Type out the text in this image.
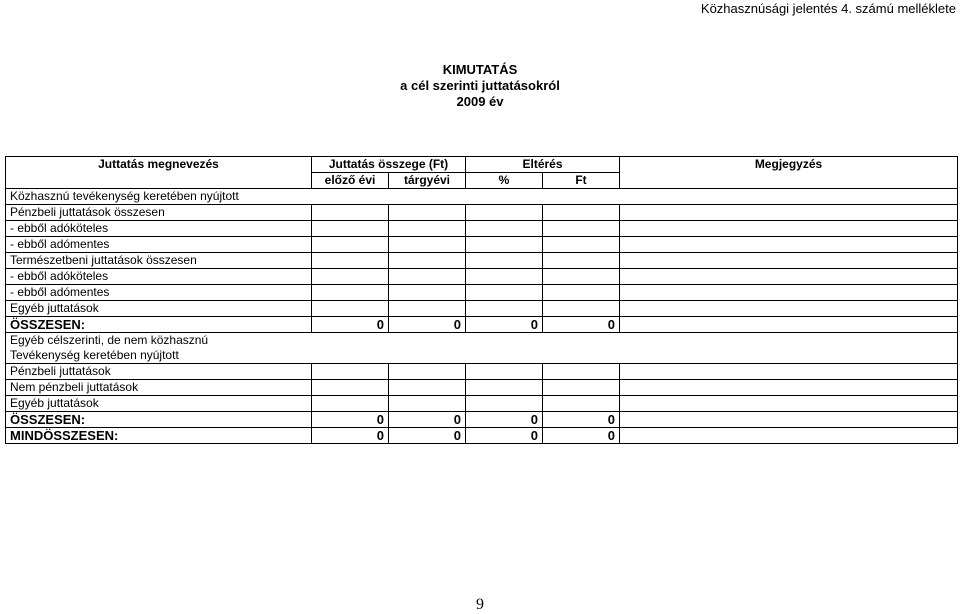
Közhasznúsági jelentés 4. számú melléklete
KIMUTATÁS
a cél szerinti juttatásokról
2009 év
Juttatás megnevezés	Juttatás összege (Ft)		Eltérés		Megjegyzés
	előző évi	tárgyévi	%	Ft	
Közhasznú tevékenység keretében nyújtott					
Pénzbeli juttatások összesen					
- ebből adóköteles					
- ebből adómentes					
Természetbeni juttatások összesen					
- ebből adóköteles					
- ebből adómentes					
Egyéb juttatások					
ÖSSZESEN:	0	0	0	0	
Egyéb célszerinti, de nem közhasznú					
Tevékenység keretében nyújtott					
Pénzbeli juttatások					
Nem pénzbeli juttatások					
Egyéb juttatások					
ÖSSZESEN:	0	0	0	0	
MINDÖSSZESEN:	0	0	0	0	
9
